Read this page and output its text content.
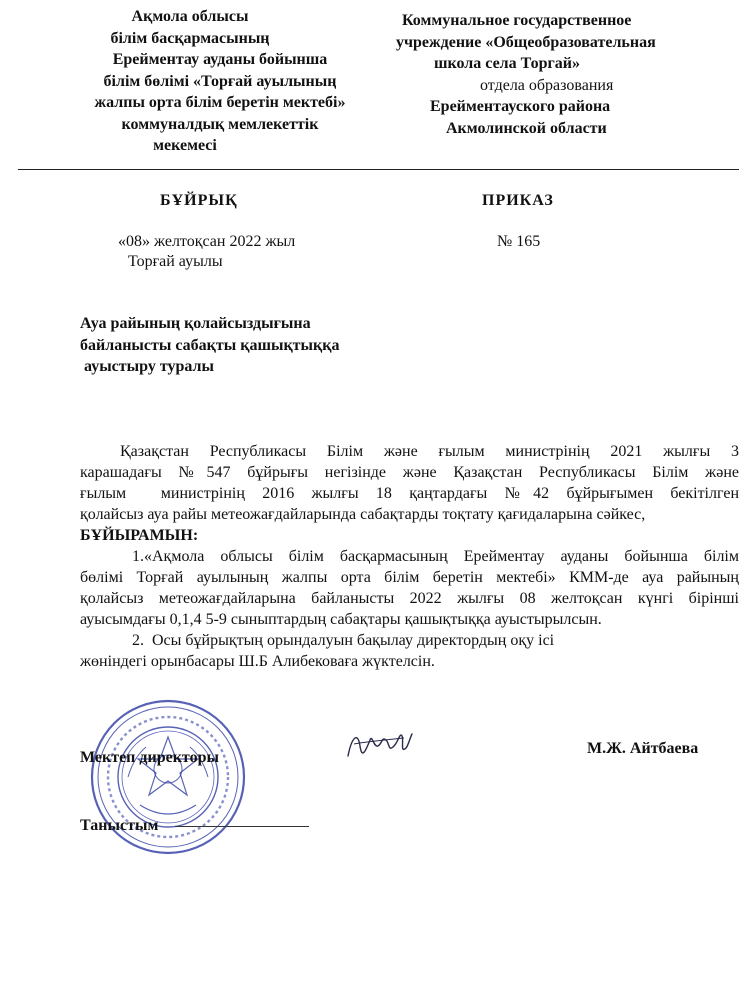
Ақмола облысы
білім басқармасының
Ерейментау ауданы бойынша
білім бөлімі «Торғай ауылының
жалпы орта білім беретін мектебі»
коммуналдық мемлекеттік
мекемесі
Коммунальное государственное
учреждение «Общеобразовательная
школа села Торгай»
отдела образования
Ерейментауского района
Акмолинской области
БҰЙРЫҚ	ПРИКАЗ
«08» желтоқсан 2022 жыл
Торғай ауылы
№ 165
Ауа райының қолайсыздығына
байланысты сабақты қашықтыққа
ауыстыру туралы
Қазақстан Республикасы Білім және ғылым министрінің 2021 жылғы 3
карашадағы №547 бұйрығы негізінде және Қазақстан Республикасы Білім және
ғылым  министрінің 2016 жылғы 18 қаңтардағы №42 бұйрығымен бекітілген
қолайсыз ауа райы метеожағдайларында сабақтарды тоқтату қағидаларына сәйкес,
БҰЙЫРАМЫН:
1.«Ақмола облысы білім басқармасының Ерейментау ауданы бойынша білім
бөлімі Торғай ауылының жалпы орта білім беретін мектебі» КММ-де ауа райының
қолайсыз метеожағдайларына байланысты 2022 жылғы 08 желтоқсан күнгі бірінші
ауысымдағы 0,1,4 5-9 сыныптардың сабақтары қашықтыққа ауыстырылсын.
2.  Осы бұйрықтың орындалуын бақылау директордың оқу ісі
жөніндегі орынбасары Ш.Б Алибековаға жүктелсін.
Мектеп директоры
М.Ж. Айтбаева
Таныстым
